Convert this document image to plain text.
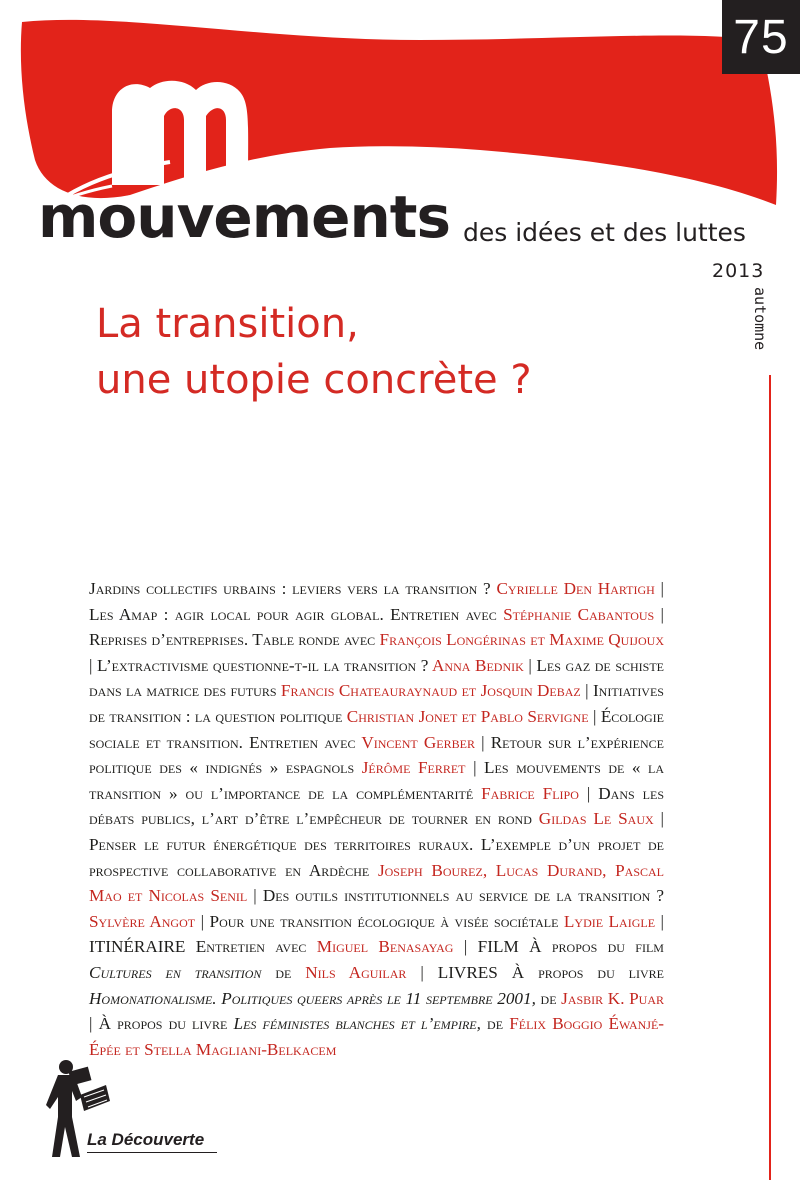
75
mouvements des idées et des luttes
2013
automne
La transition,
une utopie concrète ?

Jardins collectifs urbains : leviers vers la transition ? Cyrielle Den Hartigh | Les Amap : agir local pour agir global. Entretien avec Stéphanie Cabantous | Reprises d’entreprises. Table ronde avec François Longérinas et Maxime Quijoux | L’extractivisme questionne-t-il la transition ? Anna Bednik | Les gaz de schiste dans la matrice des futurs Francis Chateauraynaud et Josquin Debaz | Initiatives de transition : la question politique Christian Jonet et Pablo Servigne | Écologie sociale et transition. Entretien avec Vincent Gerber | Retour sur l’expérience politique des « indignés » espagnols Jérôme Ferret | Les mouvements de « la transition » ou l’importance de la complémentarité Fabrice Flipo | Dans les débats publics, l’art d’être l’empêcheur de tourner en rond Gildas Le Saux | Penser le futur énergétique des territoires ruraux. L’exemple d’un projet de prospective collaborative en Ardèche Joseph Bourez, Lucas Durand, Pascal Mao et Nicolas Senil | Des outils institutionnels au service de la transition ? Sylvère Angot | Pour une transition écologique à visée sociétale Lydie Laigle | ITINÉRAIRE Entretien avec Miguel Benasayag | FILM À propos du film Cultures en transition de Nils Aguilar | LIVRES À propos du livre Homonationalisme. Politiques queers après le 11 septembre 2001, de Jasbir K. Puar | À propos du livre Les féministes blanches et l’empire, de Félix Boggio Éwanjé-Épée et Stella Magliani-Belkacem

La Découverte
